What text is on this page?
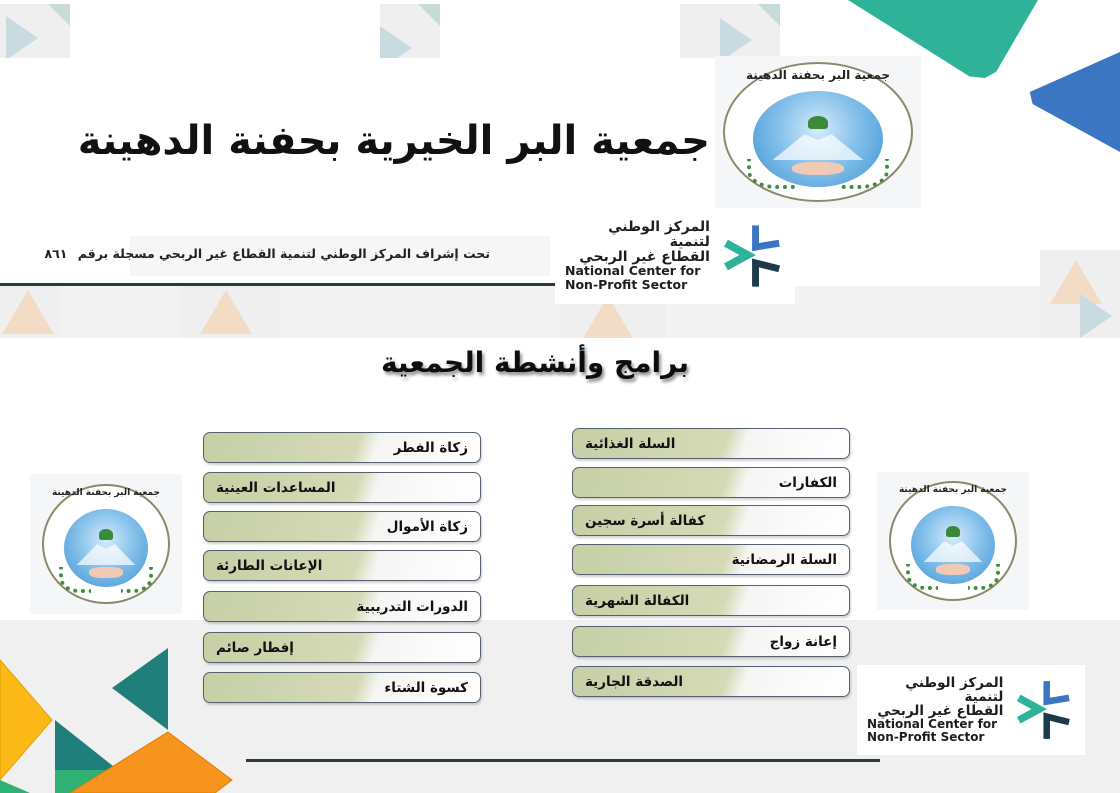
جمعية البر الخيرية بحفنة الدهينة
جمعية البر بحفنة الدهينة
تحت إشراف المركز الوطني لتنمية القطاع غير الربحي مسجلة برقم ٨٦١
المركز الوطني لتنمية
القطاع غير الربحي
National Center for
Non-Profit Sector
برامج وأنشطة الجمعية
جمعية البر بحفنة الدهينة	جمعية البر بحفنة الدهينة
زكاة الفطر
المساعدات العينية
زكاة الأموال
الإعانات الطارئة
الدورات التدريبية
إفطار صائم
كسوة الشتاء
السلة الغذائية
الكفارات
كفالة أسرة سجين
السلة الرمضانية
الكفالة الشهرية
إعانة زواج
الصدقة الجارية	المركز الوطني لتنمية
القطاع غير الربحي
National Center for
Non-Profit Sector
